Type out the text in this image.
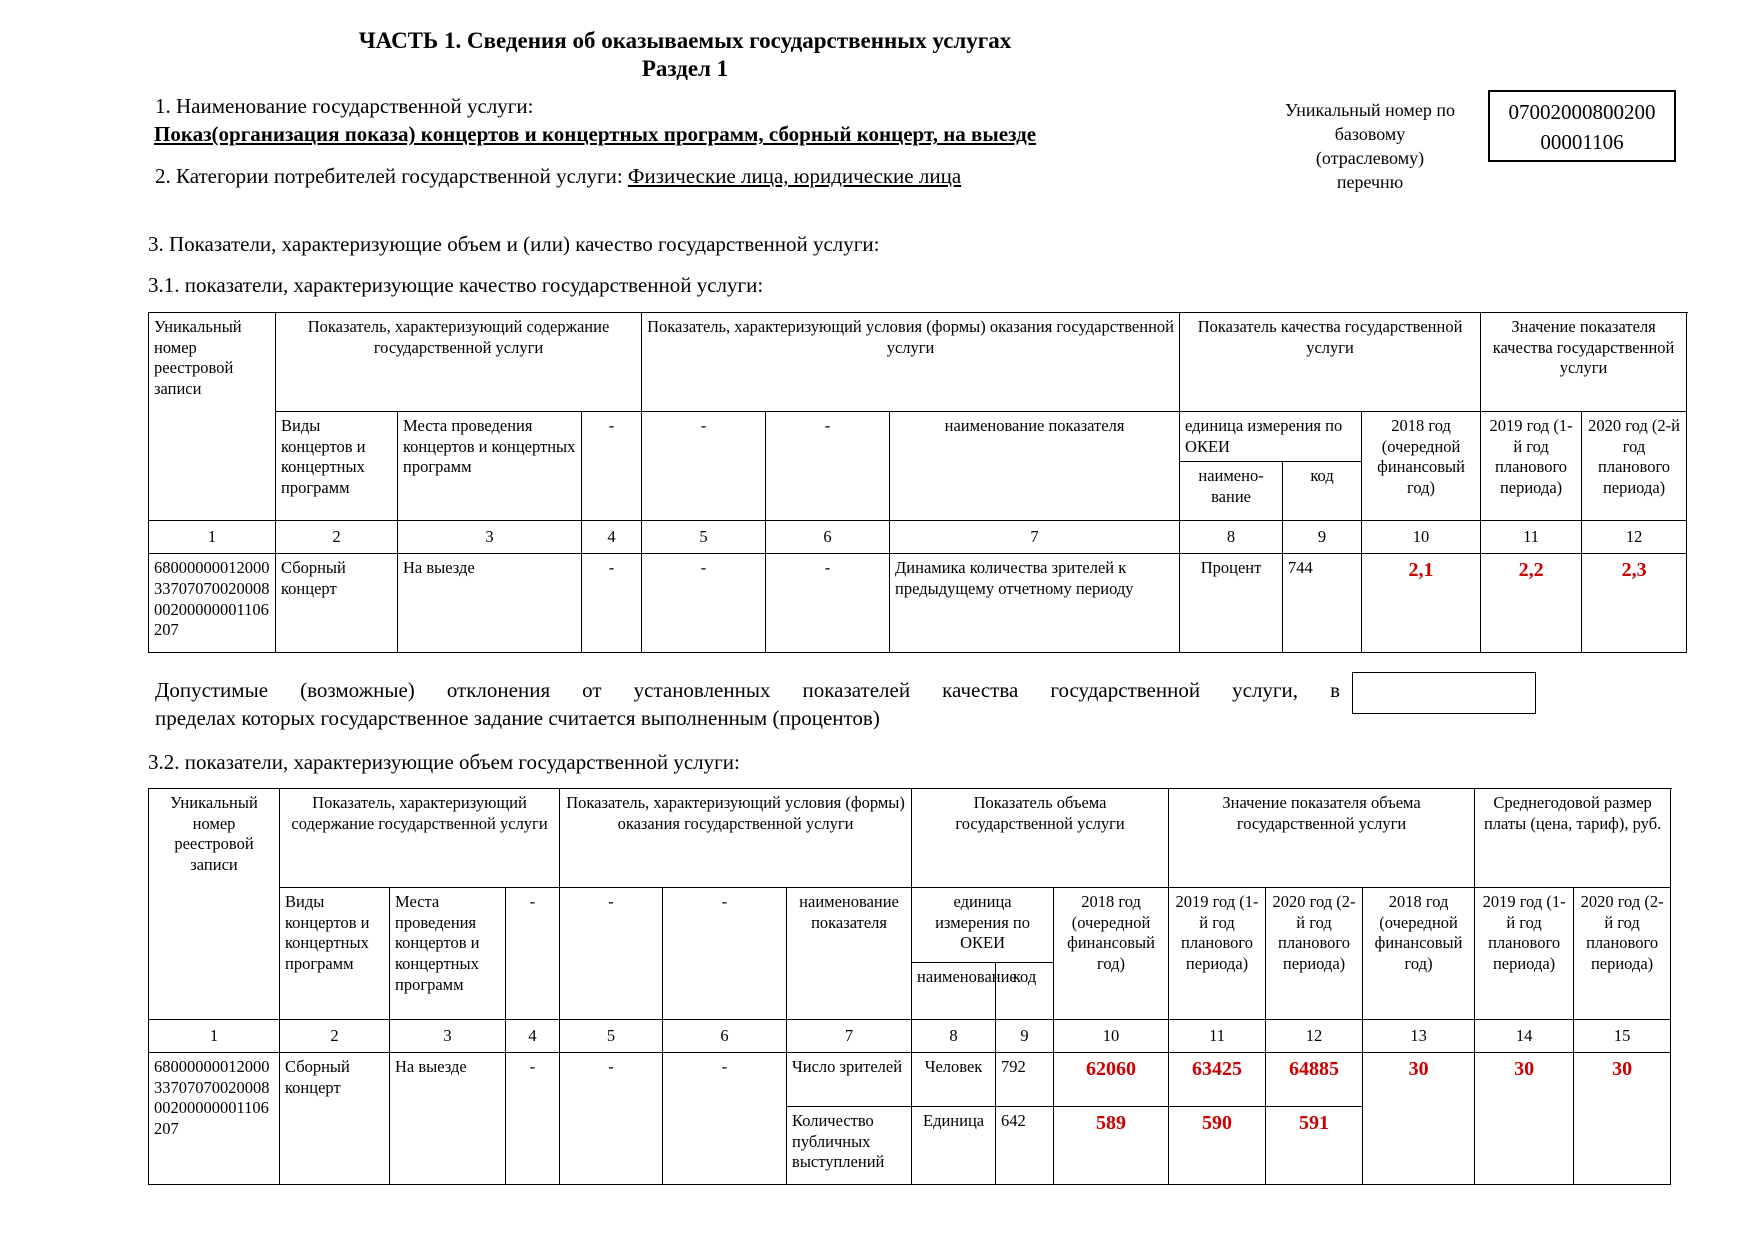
ЧАСТЬ 1. Сведения об оказываемых государственных услугах
Раздел 1
1. Наименование государственной услуги:
Показ(организация показа) концертов и концертных программ, сборный концерт, на выезде
2. Категории потребителей государственной услуги: Физические лица, юридические лица
Уникальный номер по
базовому
(отраслевому)
перечню
07002000800200
00001106
3. Показатели, характеризующие объем и (или) качество государственной услуги:
3.1. показатели, характеризующие качество государственной услуги:
Уникальный номер реестровой записи	Показатель, характеризующий содержание государственной услуги			Показатель, характеризующий условия (формы) оказания государственной услуги			Показатель качества государственной услуги			Значение показателя качества государственной услуги	
	Виды концертов и концертных программ	Места проведения концертов и концертных программ	-	-	-	наименование показателя	единица измерения по ОКЕИ		2018 год (очередной финансовый год)	2019 год (1-й год планового периода)	2020 год (2-й год планового периода)
							наимено-вание	код			
1	2	3	4	5	6	7	8	9	10	11	12
680000000120003370707002000800200000001106207	Сборный концерт	На выезде	-	-	-	Динамика количества зрителей к предыдущему отчетному периоду	Процент	744	2,1	2,2	2,3
Допустимые (возможные) отклонения от установленных показателей качества государственной услуги, в
пределах которых государственное задание считается выполненным (процентов)
3.2. показатели, характеризующие объем государственной услуги:
Уникальный номер реестровой записи	Показатель, характеризующий содержание государственной услуги			Показатель, характеризующий условия (формы) оказания государственной услуги			Показатель объема государственной услуги			Значение показателя объема государственной услуги			Среднегодовой размер платы (цена, тариф), руб.	
	Виды концертов и концертных программ	Места проведения концертов и концертных программ	-	-	-	наименование показателя	единица измерения по ОКЕИ		2018 год (очередной финансовый год)	2019 год (1-й год планового периода)	2020 год (2-й год планового периода)	2018 год (очередной финансовый год)	2019 год (1-й год планового периода)	2020 год (2-й год планового периода)
							наименование	код						
1	2	3	4	5	6	7	8	9	10	11	12	13	14	15
680000000120003370707002000800200000001106207	Сборный концерт	На выезде	-	-	-	Число зрителей	Человек	792	62060	63425	64885	30	30	30
						Количество публичных выступлений	Единица	642	589	590	591			
